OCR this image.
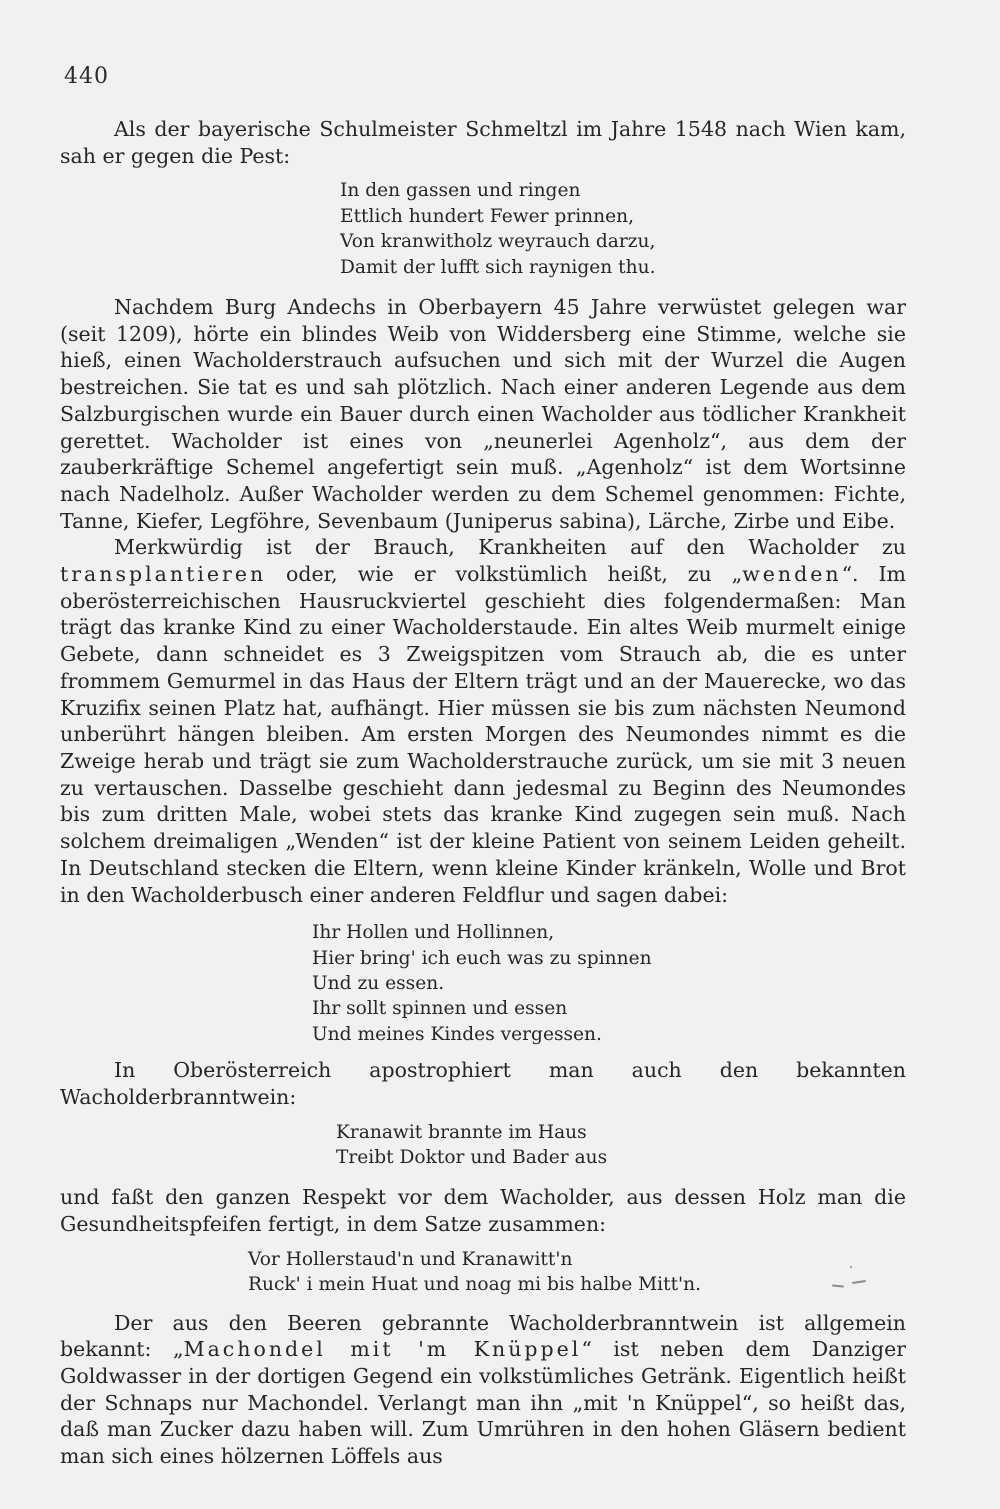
440

Als der bayerische Schulmeister Schmeltzl im Jahre 1548 nach Wien kam, sah er gegen die Pest:

In den gassen und ringen
Ettlich hundert Fewer prinnen,
Von kranwitholz weyrauch darzu,
Damit der lufft sich raynigen thu.

Nachdem Burg Andechs in Oberbayern 45 Jahre verwüstet gelegen war (seit 1209), hörte ein blindes Weib von Widdersberg eine Stimme, welche sie hieß, einen Wacholderstrauch aufsuchen und sich mit der Wurzel die Augen bestreichen. Sie tat es und sah plötzlich. Nach einer anderen Legende aus dem Salzburgischen wurde ein Bauer durch einen Wacholder aus tödlicher Krankheit gerettet. Wacholder ist eines von „neunerlei Agenholz“, aus dem der zauberkräftige Schemel angefertigt sein muß. „Agenholz“ ist dem Wortsinne nach Nadelholz. Außer Wacholder werden zu dem Schemel genommen: Fichte, Tanne, Kiefer, Legföhre, Sevenbaum (Juniperus sabina), Lärche, Zirbe und Eibe.

Merkwürdig ist der Brauch, Krankheiten auf den Wacholder zu transplantieren oder, wie er volkstümlich heißt, zu „wenden“. Im oberösterreichischen Hausruckviertel geschieht dies folgendermaßen: Man trägt das kranke Kind zu einer Wacholderstaude. Ein altes Weib murmelt einige Gebete, dann schneidet es 3 Zweigspitzen vom Strauch ab, die es unter frommem Gemurmel in das Haus der Eltern trägt und an der Mauerecke, wo das Kruzifix seinen Platz hat, aufhängt. Hier müssen sie bis zum nächsten Neumond unberührt hängen bleiben. Am ersten Morgen des Neumondes nimmt es die Zweige herab und trägt sie zum Wacholderstrauche zurück, um sie mit 3 neuen zu vertauschen. Dasselbe geschieht dann jedesmal zu Beginn des Neumondes bis zum dritten Male, wobei stets das kranke Kind zugegen sein muß. Nach solchem dreimaligen „Wenden“ ist der kleine Patient von seinem Leiden geheilt. In Deutschland stecken die Eltern, wenn kleine Kinder kränkeln, Wolle und Brot in den Wacholderbusch einer anderen Feldflur und sagen dabei:

Ihr Hollen und Hollinnen,
Hier bring' ich euch was zu spinnen
Und zu essen.
Ihr sollt spinnen und essen
Und meines Kindes vergessen.

In Oberösterreich apostrophiert man auch den bekannten Wacholderbranntwein:

Kranawit brannte im Haus
Treibt Doktor und Bader aus

und faßt den ganzen Respekt vor dem Wacholder, aus dessen Holz man die Gesundheitspfeifen fertigt, in dem Satze zusammen:

Vor Hollerstaud'n und Kranawitt'n
Ruck' i mein Huat und noag mi bis halbe Mitt'n.

Der aus den Beeren gebrannte Wacholderbranntwein ist allgemein bekannt: „Machondel mit 'm Knüppel“ ist neben dem Danziger Goldwasser in der dortigen Gegend ein volkstümliches Getränk. Eigentlich heißt der Schnaps nur Machondel. Verlangt man ihn „mit 'n Knüppel“, so heißt das, daß man Zucker dazu haben will. Zum Umrühren in den hohen Gläsern bedient man sich eines hölzernen Löffels aus
